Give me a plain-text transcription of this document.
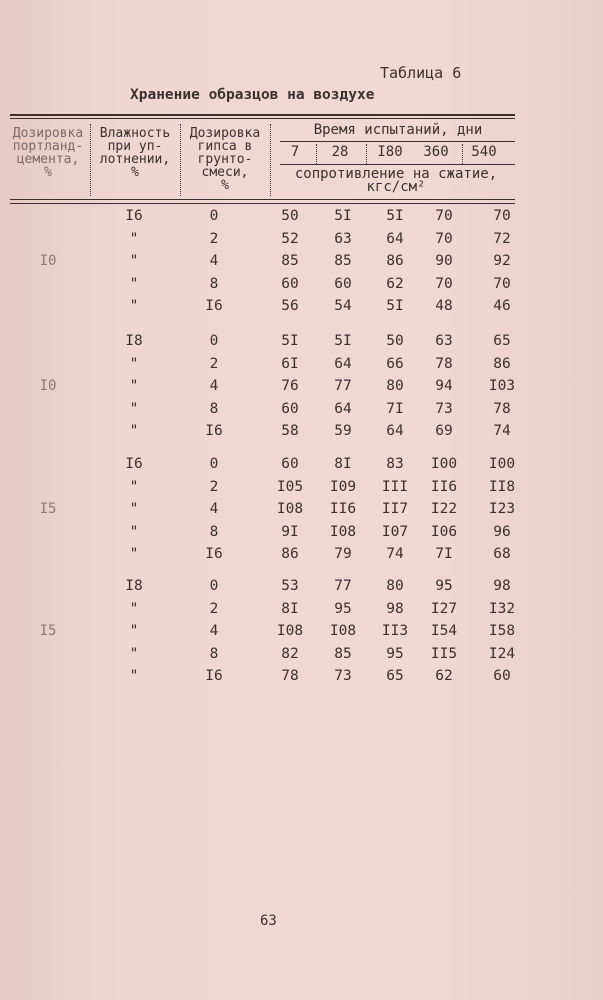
Таблица 6
Хранение образцов на воздухе
Дозировка
портланд-
цемента,
%
Влажность
при уп-
лотнении,
%
Дозировка
гипса в
грунто-
смеси,
%
Время испытаний, дни
7	28	I80	360	540
сопротивление на сжатие,
кгс/см²
I0
I6	0	50	5I	5I	70	70
"	2	52	63	64	70	72
"	4	85	85	86	90	92
"	8	60	60	62	70	70
"	I6	56	54	5I	48	46
I0
I8	0	5I	5I	50	63	65
"	2	6I	64	66	78	86
"	4	76	77	80	94	I03
"	8	60	64	7I	73	78
"	I6	58	59	64	69	74
I5
I6	0	60	8I	83	I00	I00
"	2	I05	I09	III	II6	II8
"	4	I08	II6	II7	I22	I23
"	8	9I	I08	I07	I06	96
"	I6	86	79	74	7I	68
I5
I8	0	53	77	80	95	98
"	2	8I	95	98	I27	I32
"	4	I08	I08	II3	I54	I58
"	8	82	85	95	II5	I24
"	I6	78	73	65	62	60
63
